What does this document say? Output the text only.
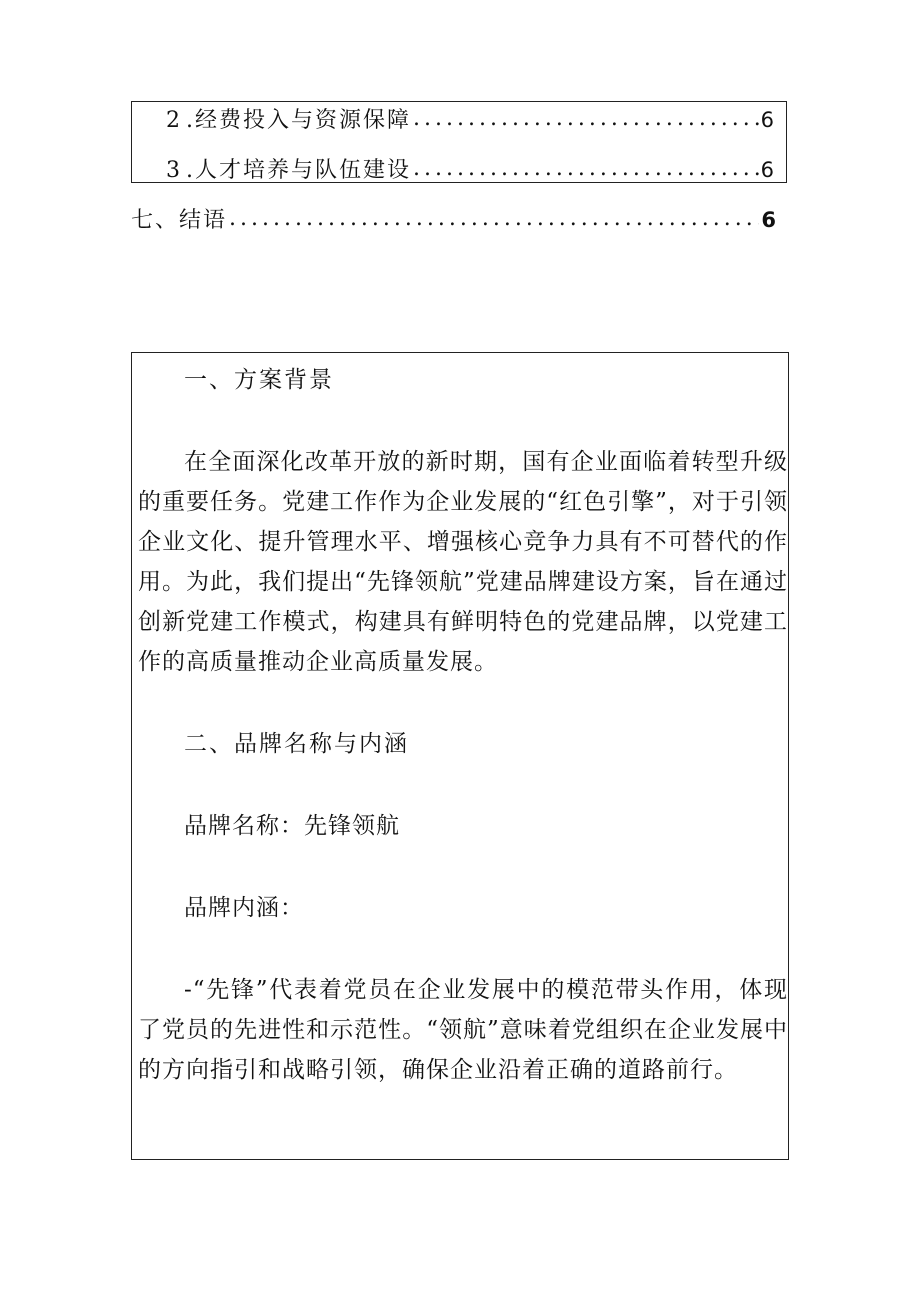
2 .经费投入与资源保障 .....	6
3 .人才培养与队伍建设 .....	6
七、结语 .....	6

一、方案背景

在全面深化改革开放的新时期，国有企业面临着转型升级的重要任务。党建工作作为企业发展的“红色引擎”，对于引领企业文化、提升管理水平、增强核心竞争力具有不可替代的作用。为此，我们提出“先锋领航”党建品牌建设方案，旨在通过创新党建工作模式，构建具有鲜明特色的党建品牌，以党建工作的高质量推动企业高质量发展。

二、品牌名称与内涵

品牌名称：先锋领航

品牌内涵：

-“先锋”代表着党员在企业发展中的模范带头作用，体现了党员的先进性和示范性。“领航”意味着党组织在企业发展中的方向指引和战略引领，确保企业沿着正确的道路前行。
